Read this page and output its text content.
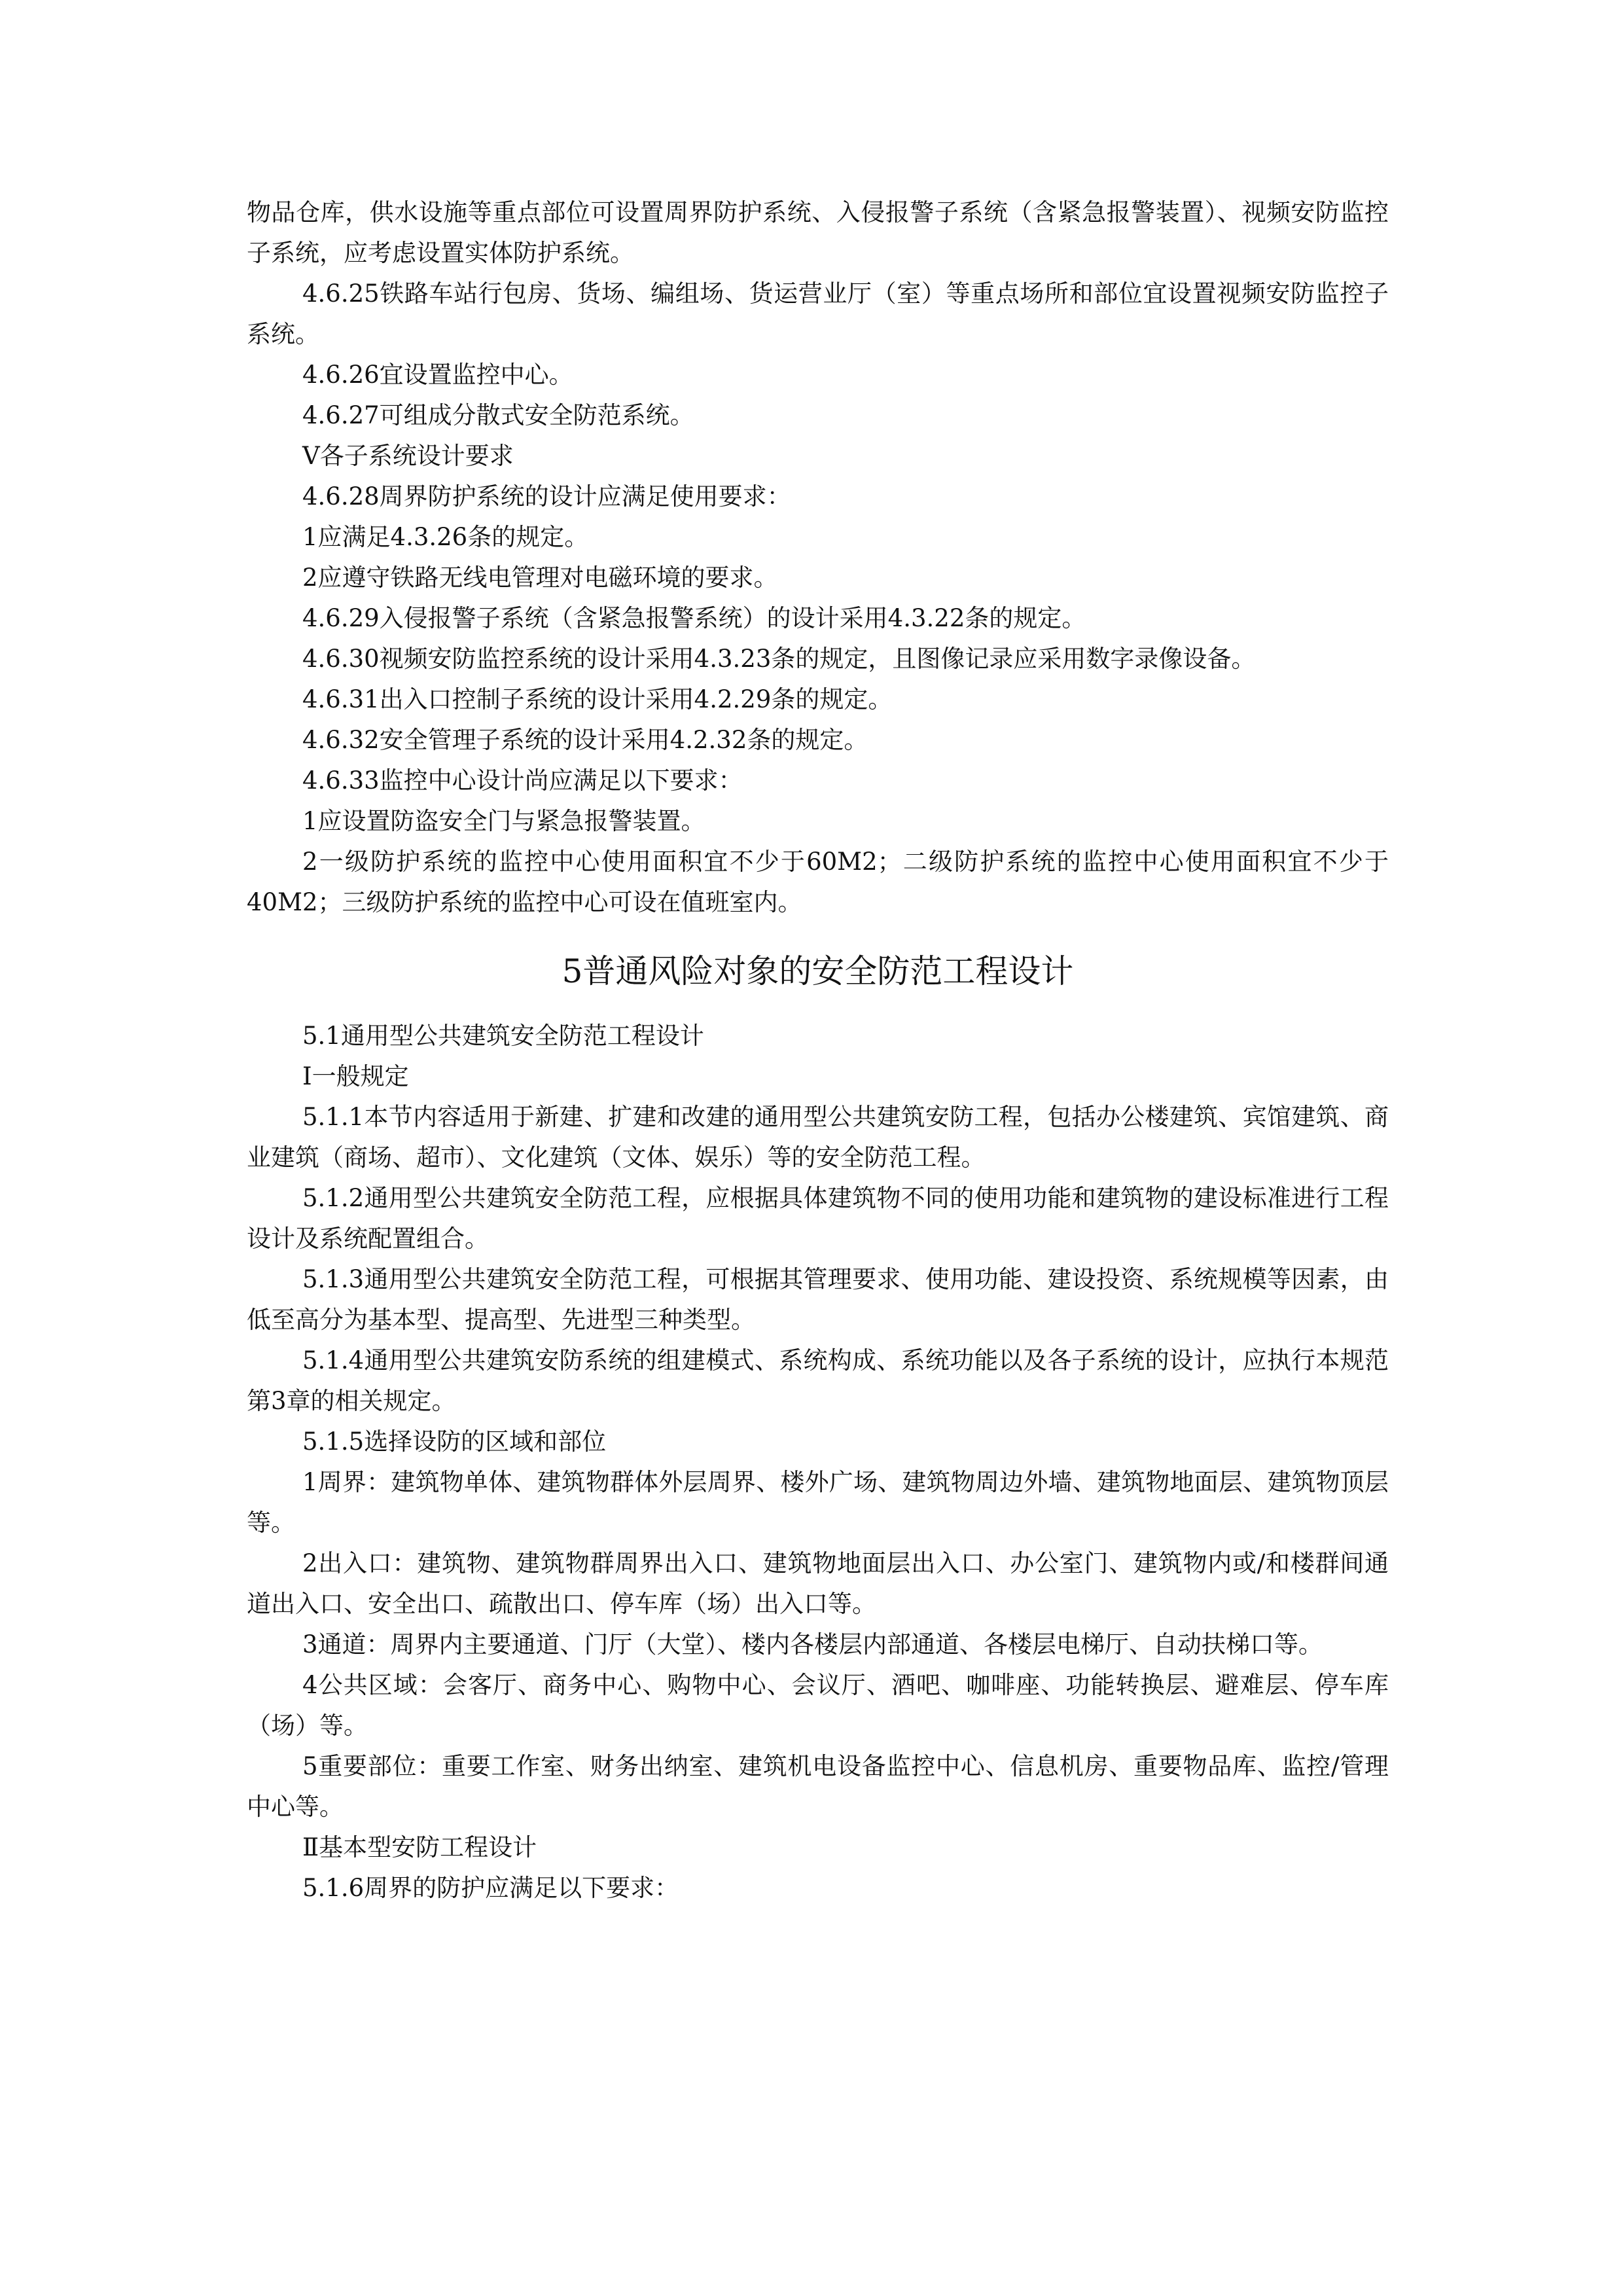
物品仓库，供水设施等重点部位可设置周界防护系统、入侵报警子系统（含紧急报警装置）、视频安防监控子系统，应考虑设置实体防护系统。

4.6.25铁路车站行包房、货场、编组场、货运营业厅（室）等重点场所和部位宜设置视频安防监控子系统。

4.6.26宜设置监控中心。

4.6.27可组成分散式安全防范系统。

Ⅴ各子系统设计要求

4.6.28周界防护系统的设计应满足使用要求：

1应满足4.3.26条的规定。

2应遵守铁路无线电管理对电磁环境的要求。

4.6.29入侵报警子系统（含紧急报警系统）的设计采用4.3.22条的规定。

4.6.30视频安防监控系统的设计采用4.3.23条的规定，且图像记录应采用数字录像设备。

4.6.31出入口控制子系统的设计采用4.2.29条的规定。

4.6.32安全管理子系统的设计采用4.2.32条的规定。

4.6.33监控中心设计尚应满足以下要求：

1应设置防盗安全门与紧急报警装置。

2一级防护系统的监控中心使用面积宜不少于60M2；二级防护系统的监控中心使用面积宜不少于40M2；三级防护系统的监控中心可设在值班室内。

5普通风险对象的安全防范工程设计

5.1通用型公共建筑安全防范工程设计

Ⅰ一般规定

5.1.1本节内容适用于新建、扩建和改建的通用型公共建筑安防工程，包括办公楼建筑、宾馆建筑、商业建筑（商场、超市）、文化建筑（文体、娱乐）等的安全防范工程。

5.1.2通用型公共建筑安全防范工程，应根据具体建筑物不同的使用功能和建筑物的建设标准进行工程设计及系统配置组合。

5.1.3通用型公共建筑安全防范工程，可根据其管理要求、使用功能、建设投资、系统规模等因素，由低至高分为基本型、提高型、先进型三种类型。

5.1.4通用型公共建筑安防系统的组建模式、系统构成、系统功能以及各子系统的设计，应执行本规范第3章的相关规定。

5.1.5选择设防的区域和部位

1周界：建筑物单体、建筑物群体外层周界、楼外广场、建筑物周边外墙、建筑物地面层、建筑物顶层等。

2出入口：建筑物、建筑物群周界出入口、建筑物地面层出入口、办公室门、建筑物内或/和楼群间通道出入口、安全出口、疏散出口、停车库（场）出入口等。

3通道：周界内主要通道、门厅（大堂）、楼内各楼层内部通道、各楼层电梯厅、自动扶梯口等。

4公共区域：会客厅、商务中心、购物中心、会议厅、酒吧、咖啡座、功能转换层、避难层、停车库（场）等。

5重要部位：重要工作室、财务出纳室、建筑机电设备监控中心、信息机房、重要物品库、监控/管理中心等。

Ⅱ基本型安防工程设计

5.1.6周界的防护应满足以下要求：
